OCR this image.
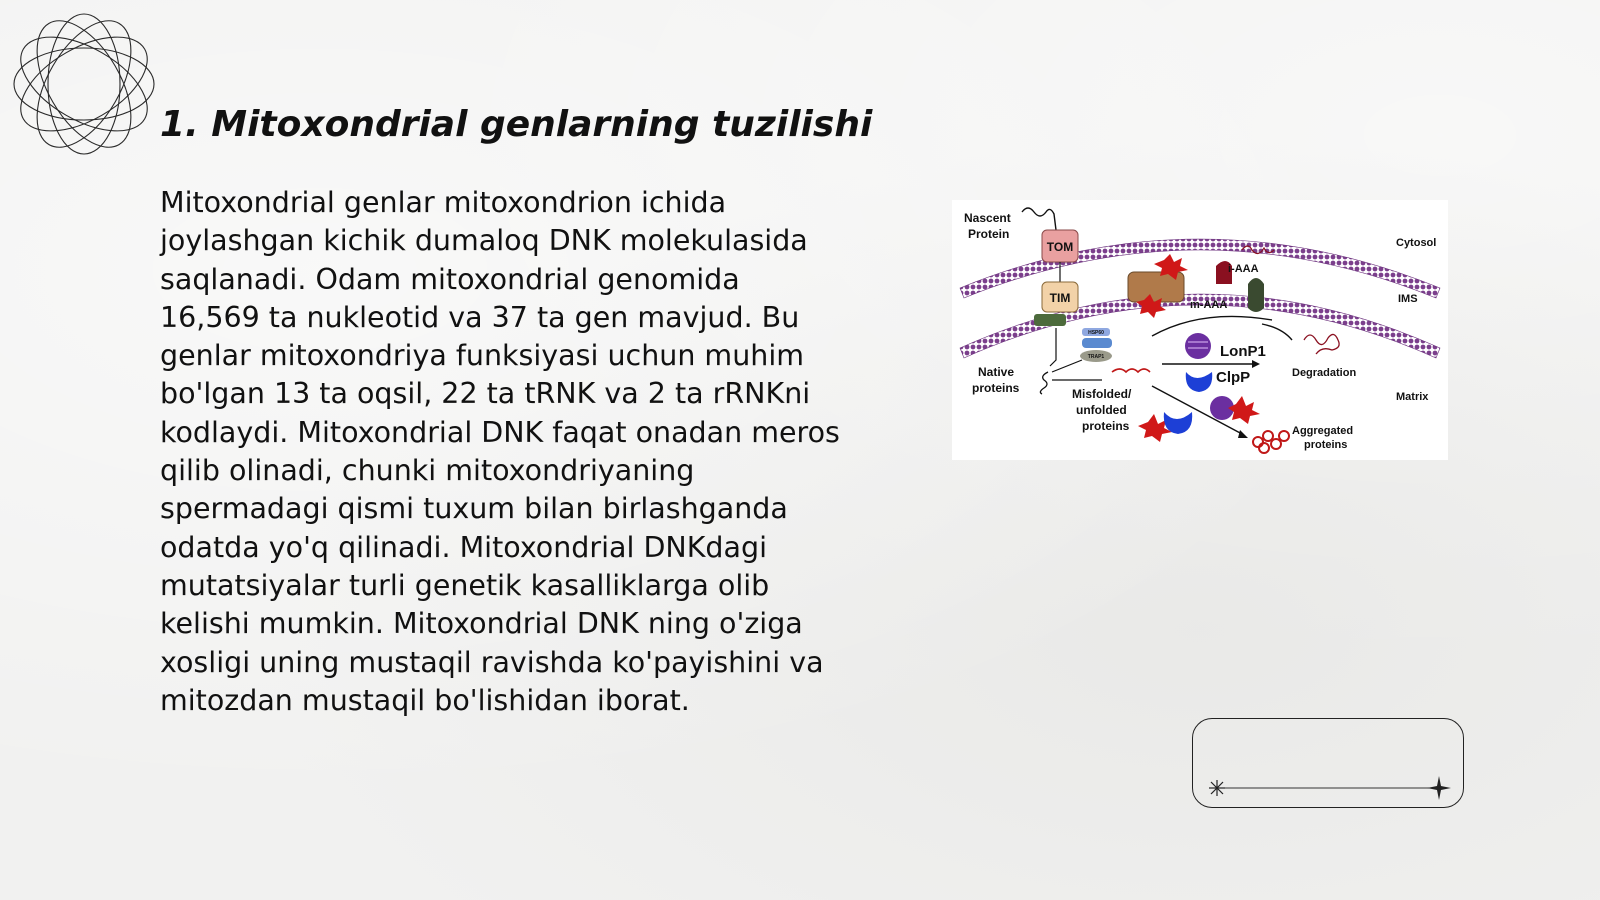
1. Mitoxondrial genlarning tuzilishi

Mitoxondrial genlar mitoxondrion ichida joylashgan kichik dumaloq DNK molekulasida saqlanadi. Odam mitoxondrial genomida 16,569 ta nukleotid va 37 ta gen mavjud. Bu genlar mitoxondriya funksiyasi uchun muhim bo'lgan 13 ta oqsil, 22 ta tRNK va 2 ta rRNKni kodlaydi. Mitoxondrial DNK faqat onadan meros qilib olinadi, chunki mitoxondriyaning spermadagi qismi tuxum bilan birlashganda odatda yo'q qilinadi. Mitoxondrial DNKdagi mutatsiyalar turli genetik kasalliklarga olib kelishi mumkin. Mitoxondrial DNK ning o'ziga xosligi uning mustaqil ravishda ko'payishini va mitozdan mustaqil bo'lishidan iborat.

TOM
TIM
Nascent
Protein
Cytosol
IMS
Matrix
i-AAA
m-AAA
HSP60
TRAP1	LonP1
ClpP	Degradation
Native
proteins	Misfolded/
unfolded
proteins	Aggregated
proteins
